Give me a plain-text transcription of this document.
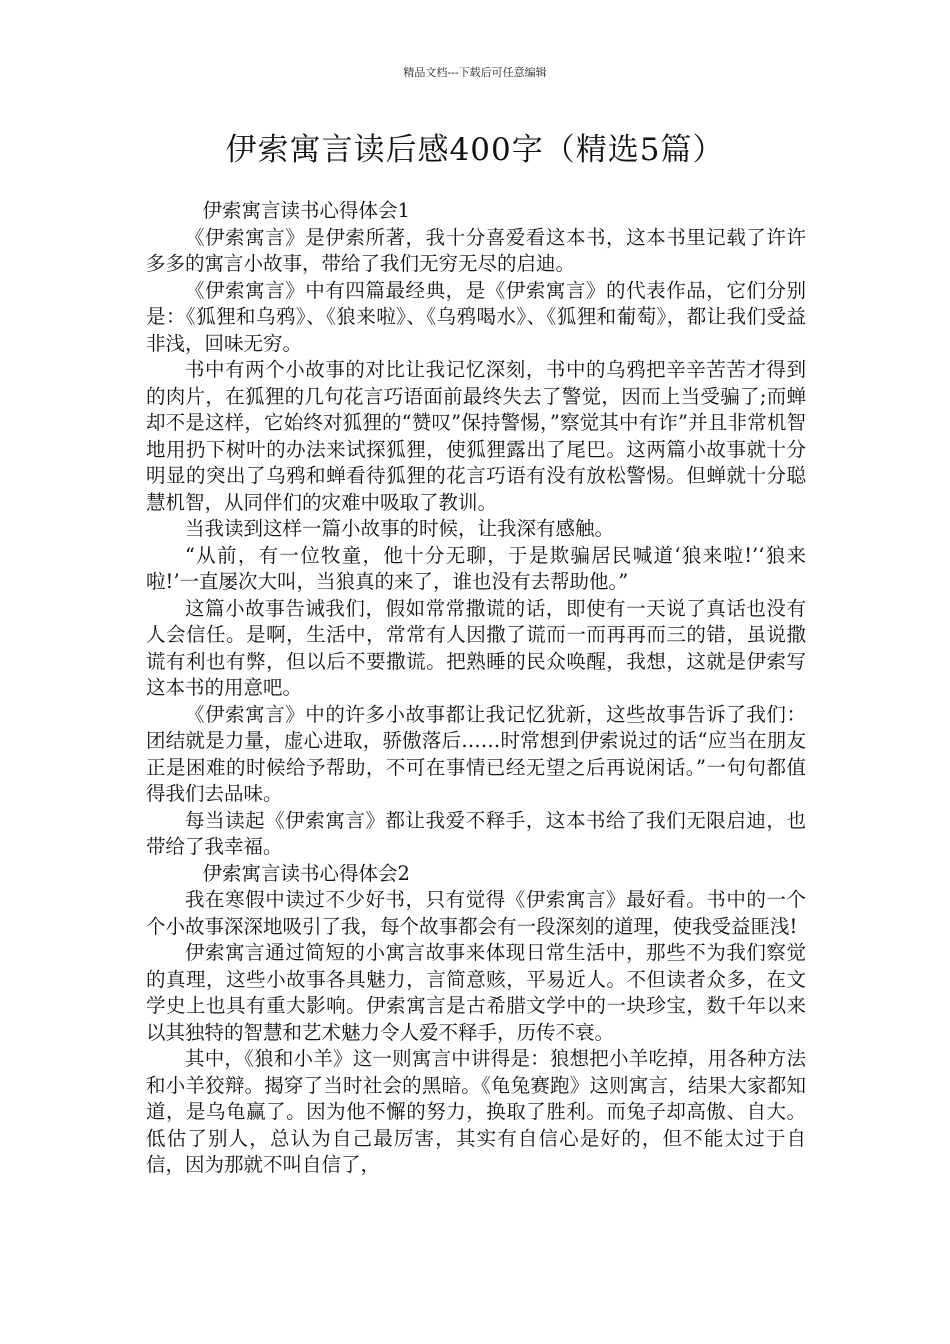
精品文档---下载后可任意编辑
伊索寓言读后感400字（精选5篇）

伊索寓言读书心得体会1

《伊索寓言》是伊索所著，我十分喜爱看这本书，这本书里记载了许许多多的寓言小故事，带给了我们无穷无尽的启迪。

《伊索寓言》中有四篇最经典，是《伊索寓言》的代表作品，它们分别是：《狐狸和乌鸦》、《狼来啦》、《乌鸦喝水》、《狐狸和葡萄》，都让我们受益非浅，回味无穷。

书中有两个小故事的对比让我记忆深刻，书中的乌鸦把辛辛苦苦才得到的肉片，在狐狸的几句花言巧语面前最终失去了警觉，因而上当受骗了;而蝉却不是这样，它始终对狐狸的“赞叹”保持警惕，”察觉其中有诈”并且非常机智地用扔下树叶的办法来试探狐狸，使狐狸露出了尾巴。这两篇小故事就十分明显的突出了乌鸦和蝉看待狐狸的花言巧语有没有放松警惕。但蝉就十分聪慧机智，从同伴们的灾难中吸取了教训。

当我读到这样一篇小故事的时候，让我深有感触。

“从前，有一位牧童，他十分无聊，于是欺骗居民喊道‘狼来啦!’‘狼来啦!’一直屡次大叫，当狼真的来了，谁也没有去帮助他。”

这篇小故事告诫我们，假如常常撒谎的话，即使有一天说了真话也没有人会信任。是啊，生活中，常常有人因撒了谎而一而再再而三的错，虽说撒谎有利也有弊，但以后不要撒谎。把熟睡的民众唤醒，我想，这就是伊索写这本书的用意吧。

《伊索寓言》中的许多小故事都让我记忆犹新，这些故事告诉了我们：团结就是力量，虚心进取，骄傲落后……时常想到伊索说过的话“应当在朋友正是困难的时候给予帮助，不可在事情已经无望之后再说闲话。”一句句都值得我们去品味。

每当读起《伊索寓言》都让我爱不释手，这本书给了我们无限启迪，也带给了我幸福。

伊索寓言读书心得体会2

我在寒假中读过不少好书，只有觉得《伊索寓言》最好看。书中的一个个小故事深深地吸引了我，每个故事都会有一段深刻的道理，使我受益匪浅!

伊索寓言通过简短的小寓言故事来体现日常生活中，那些不为我们察觉的真理，这些小故事各具魅力，言简意赅，平易近人。不但读者众多，在文学史上也具有重大影响。伊索寓言是古希腊文学中的一块珍宝，数千年以来以其独特的智慧和艺术魅力令人爱不释手，历传不衰。

其中，《狼和小羊》这一则寓言中讲得是：狼想把小羊吃掉，用各种方法和小羊狡辩。揭穿了当时社会的黑暗。《龟兔赛跑》这则寓言，结果大家都知道，是乌龟赢了。因为他不懈的努力，换取了胜利。而兔子却高傲、自大。低估了别人，总认为自己最厉害，其实有自信心是好的，但不能太过于自信，因为那就不叫自信了，
